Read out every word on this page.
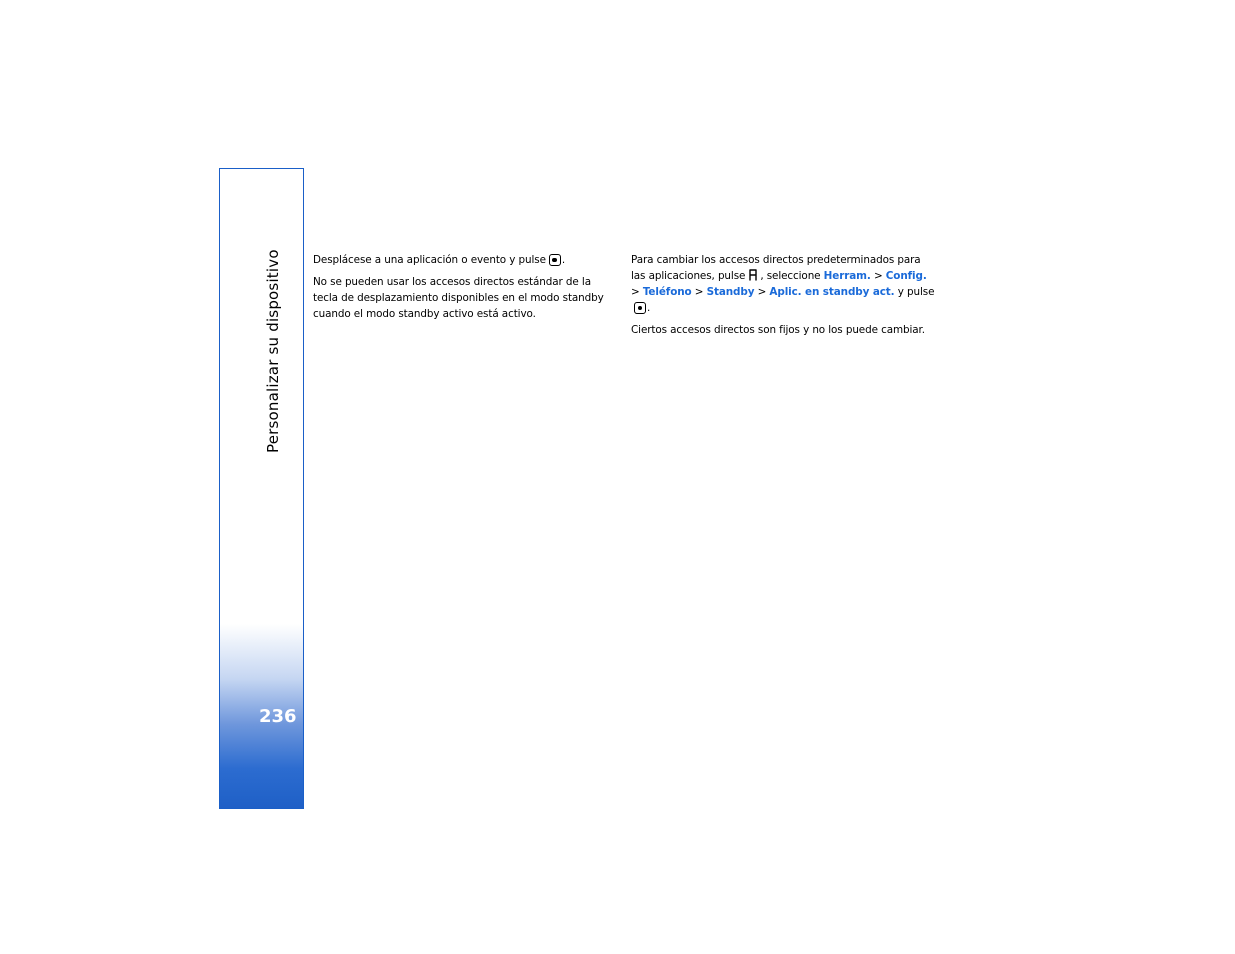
Personalizar su dispositivo
236

Desplácese a una aplicación o evento y pulse .

No se pueden usar los accesos directos estándar de la tecla de desplazamiento disponibles en el modo standby cuando el modo standby activo está activo.

Para cambiar los accesos directos predeterminados para las aplicaciones, pulse , seleccione Herram. > Config. > Teléfono > Standby > Aplic. en standby act. y pulse.

Ciertos accesos directos son fijos y no los puede cambiar.
